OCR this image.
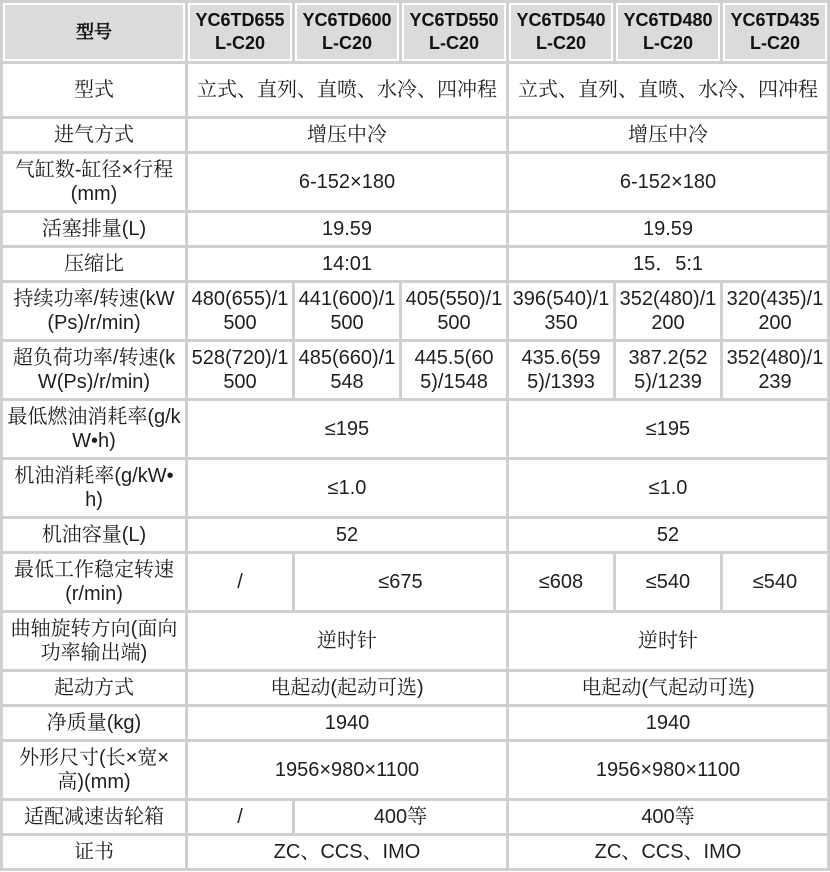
型号	YC6TD655L-C20	YC6TD600L-C20	YC6TD550L-C20	YC6TD540L-C20	YC6TD480L-C20	YC6TD435L-C20
型式	立式、直列、直喷、水冷、四冲程			立式、直列、直喷、水冷、四冲程		
进气方式	增压中冷			增压中冷		
气缸数-缸径×行程(mm)	6-152×180			6-152×180		
活塞排量(L)	19.59			19.59		
压缩比	14:01			15．5:1		
持续功率/转速(kW(Ps)/r/min)	480(655)/1500	441(600)/1500	405(550)/1500	396(540)/1350	352(480)/1200	320(435)/1200
超负荷功率/转速(kW(Ps)/r/min)	528(720)/1500	485(660)/1548	445.5(605)/1548	435.6(595)/1393	387.2(525)/1239	352(480)/1239
最低燃油消耗率(g/kW•h)	≤195			≤195		
机油消耗率(g/kW•h)	≤1.0			≤1.0		
机油容量(L)	52			52		
最低工作稳定转速(r/min)	/	≤675		≤608	≤540	≤540
曲轴旋转方向(面向功率输出端)	逆时针			逆时针		
起动方式	电起动(起动可选)			电起动(气起动可选)		
净质量(kg)	1940			1940		
外形尺寸(长×宽×高)(mm)	1956×980×1100			1956×980×1100		
适配减速齿轮箱	/	400等		400等		
证书	ZC、CCS、IMO			ZC、CCS、IMO		
